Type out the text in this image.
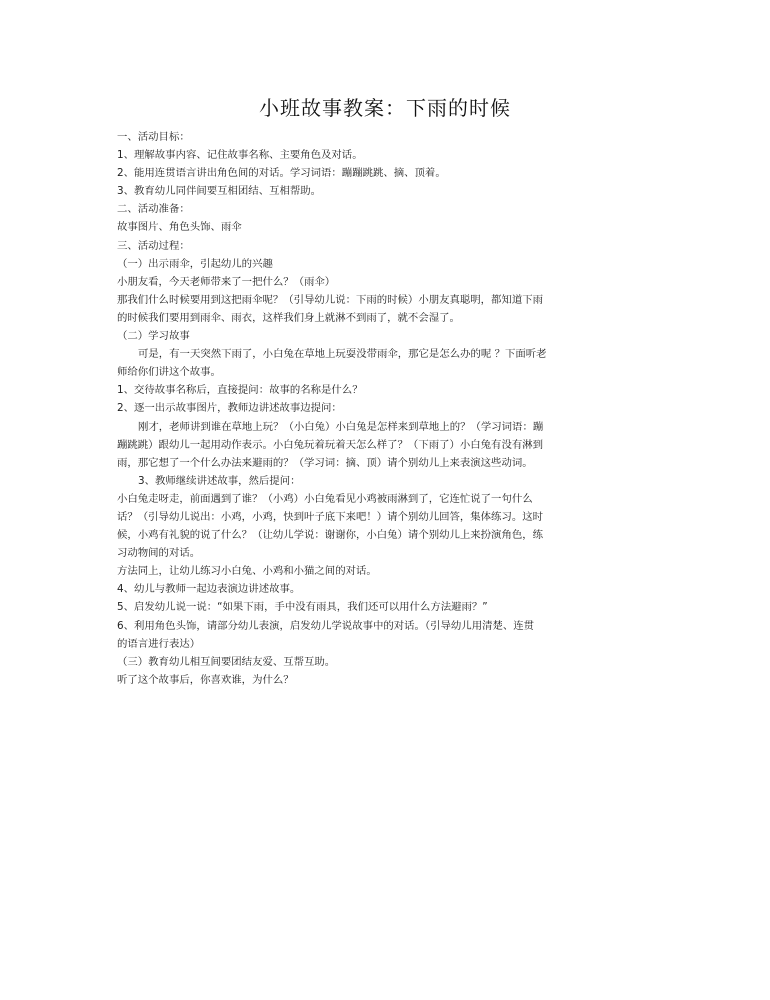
小班故事教案：下雨的时候
一、活动目标：
1、理解故事内容、记住故事名称、主要角色及对话。
2、能用连贯语言讲出角色间的对话。学习词语：蹦蹦跳跳、摘、顶着。
3、教育幼儿同伴间要互相团结、互相帮助。
二、活动准备：
故事图片、角色头饰、雨伞
三、活动过程：
（一）出示雨伞，引起幼儿的兴趣
小朋友看，今天老师带来了一把什么？（雨伞）
那我们什么时候要用到这把雨伞呢？（引导幼儿说：下雨的时候）小朋友真聪明，都知道下雨
的时候我们要用到雨伞、雨衣，这样我们身上就淋不到雨了，就不会湿了。
（二）学习故事
可是，有一天突然下雨了，小白兔在草地上玩耍没带雨伞，那它是怎么办的呢 ？下面听老
师给你们讲这个故事。
1、交待故事名称后，直接提问：故事的名称是什么？
2、逐一出示故事图片，教师边讲述故事边提问：
刚才，老师讲到谁在草地上玩？（小白兔）小白兔是怎样来到草地上的？（学习词语：蹦
蹦跳跳）跟幼儿一起用动作表示。小白兔玩着玩着天怎么样了？（下雨了）小白兔有没有淋到
雨，那它想了一个什么办法来避雨的？（学习词：摘、顶）请个别幼儿上来表演这些动词。
3、教师继续讲述故事，然后提问：
小白兔走呀走，前面遇到了谁？（小鸡）小白兔看见小鸡被雨淋到了，它连忙说了一句什么
话？（引导幼儿说出：小鸡，小鸡，快到叶子底下来吧！）请个别幼儿回答，集体练习。这时
候，小鸡有礼貌的说了什么？（让幼儿学说：谢谢你，小白兔）请个别幼儿上来扮演角色，练
习动物间的对话。
方法同上，让幼儿练习小白兔、小鸡和小猫之间的对话。
4、幼儿与教师一起边表演边讲述故事。
5、启发幼儿说一说：“如果下雨，手中没有雨具，我们还可以用什么方法避雨？”
6、利用角色头饰，请部分幼儿表演，启发幼儿学说故事中的对话。（引导幼儿用清楚、连贯
的语言进行表达）
（三）教育幼儿相互间要团结友爱、互帮互助。
听了这个故事后，你喜欢谁，为什么？
